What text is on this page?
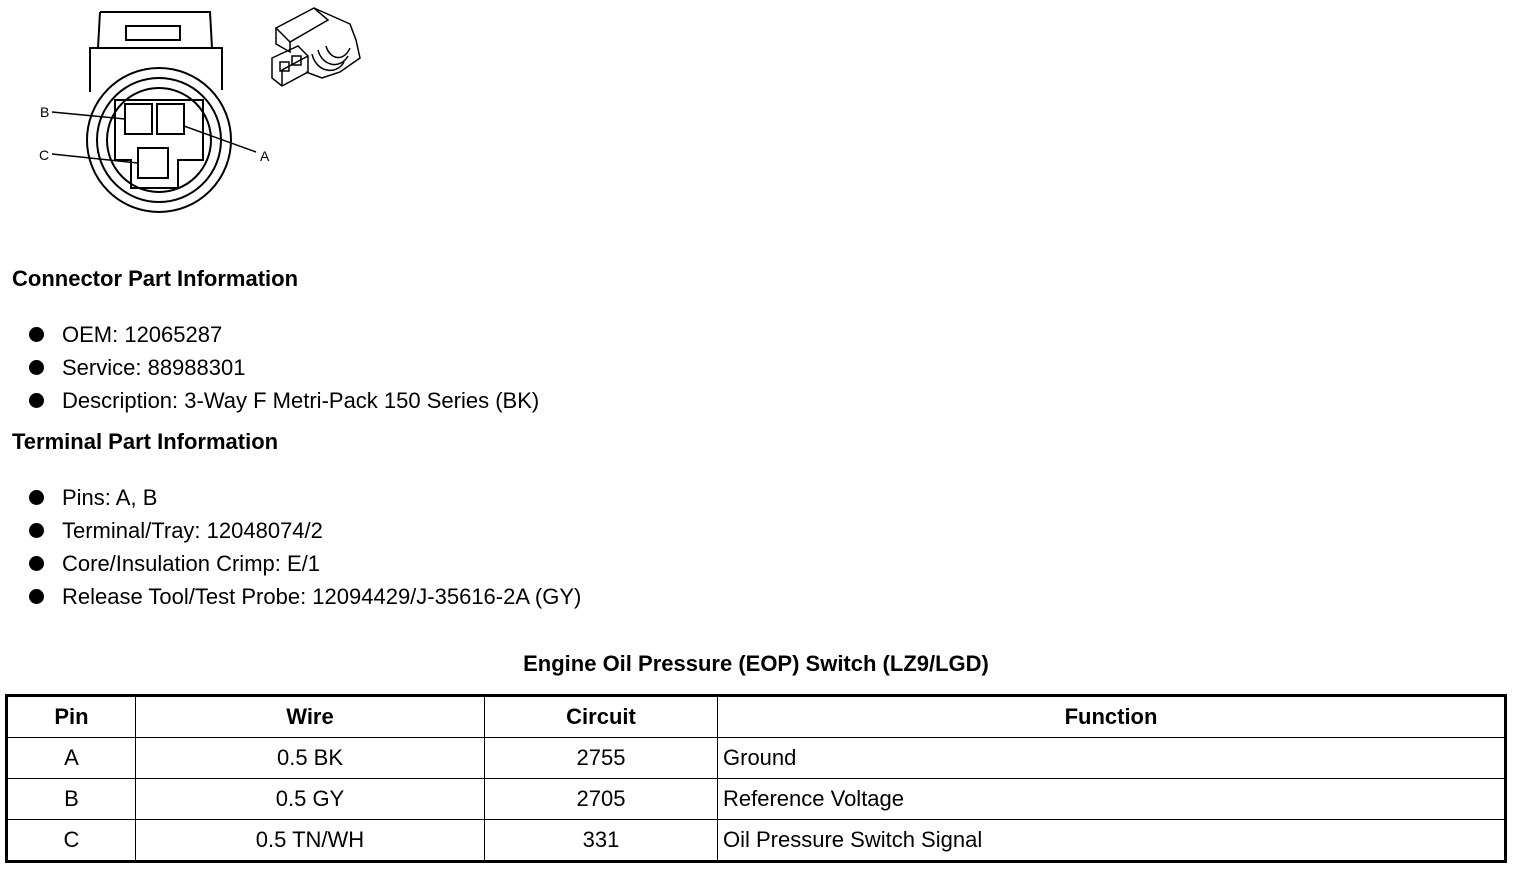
B
C	A
Connector Part Information
OEM: 12065287
Service: 88988301
Description: 3-Way F Metri-Pack 150 Series (BK)
Terminal Part Information
Pins: A, B
Terminal/Tray: 12048074/2
Core/Insulation Crimp: E/1
Release Tool/Test Probe: 12094429/J-35616-2A (GY)
Engine Oil Pressure (EOP) Switch (LZ9/LGD)
Pin	Wire	Circuit	Function
A	0.5 BK	2755	Ground
B	0.5 GY	2705	Reference Voltage
C	0.5 TN/WH	331	Oil Pressure Switch Signal
